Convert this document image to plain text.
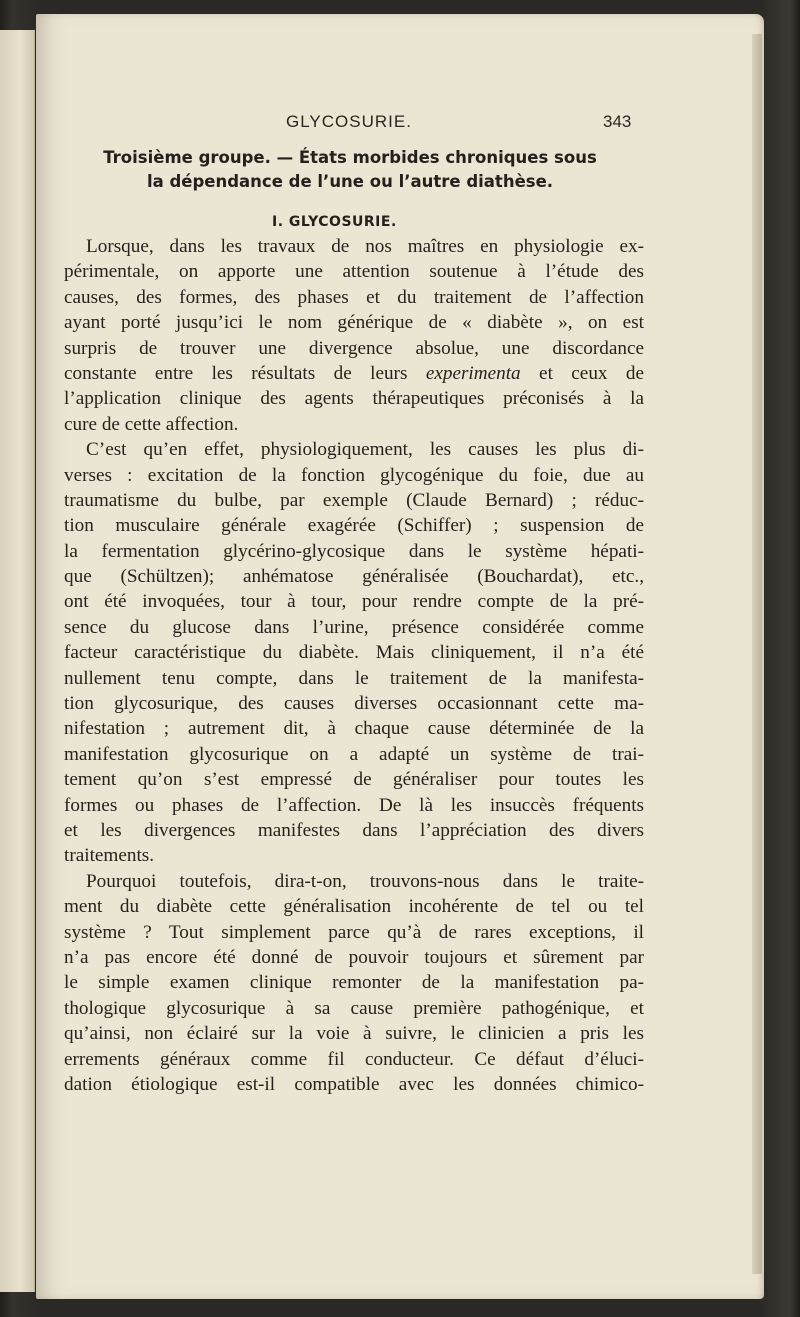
GLYCOSURIE.	343
Troisième groupe. — États morbides chroniques sous
la dépendance de l’une ou l’autre diathèse.
I. GLYCOSURIE.
Lorsque, dans les travaux de nos maîtres en physiologie ex-
périmentale, on apporte une attention soutenue à l’étude des
causes, des formes, des phases et du traitement de l’affection
ayant porté jusqu’ici le nom générique de « diabète », on est
surpris de trouver une divergence absolue, une discordance
constante entre les résultats de leurs experimenta et ceux de
l’application clinique des agents thérapeutiques préconisés à la
cure de cette affection.
C’est qu’en effet, physiologiquement, les causes les plus di-
verses : excitation de la fonction glycogénique du foie, due au
traumatisme du bulbe, par exemple (Claude Bernard) ; réduc-
tion musculaire générale exagérée (Schiffer) ; suspension de
la fermentation glycérino-glycosique dans le système hépati-
que (Schültzen); anhématose généralisée (Bouchardat), etc.,
ont été invoquées, tour à tour, pour rendre compte de la pré-
sence du glucose dans l’urine, présence considérée comme
facteur caractéristique du diabète. Mais cliniquement, il n’a été
nullement tenu compte, dans le traitement de la manifesta-
tion glycosurique, des causes diverses occasionnant cette ma-
nifestation ; autrement dit, à chaque cause déterminée de la
manifestation glycosurique on a adapté un système de trai-
tement qu’on s’est empressé de généraliser pour toutes les
formes ou phases de l’affection. De là les insuccès fréquents
et les divergences manifestes dans l’appréciation des divers
traitements.
Pourquoi toutefois, dira-t-on, trouvons-nous dans le traite-
ment du diabète cette généralisation incohérente de tel ou tel
système ? Tout simplement parce qu’à de rares exceptions, il
n’a pas encore été donné de pouvoir toujours et sûrement par
le simple examen clinique remonter de la manifestation pa-
thologique glycosurique à sa cause première pathogénique, et
qu’ainsi, non éclairé sur la voie à suivre, le clinicien a pris les
errements généraux comme fil conducteur. Ce défaut d’éluci-
dation étiologique est-il compatible avec les données chimico-
